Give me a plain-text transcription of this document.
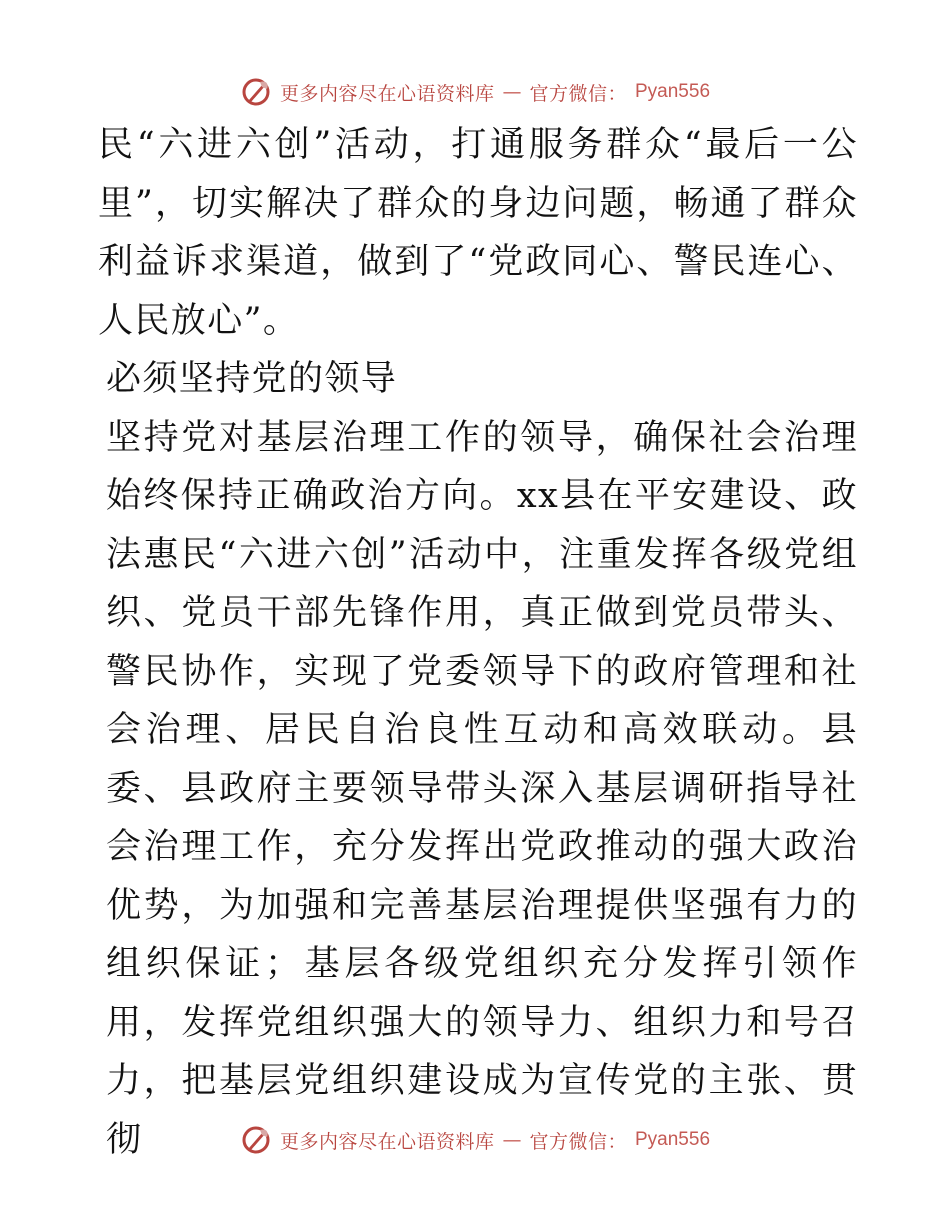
更多内容尽在心语资料库 — 官方微信： Pyan556

民“六进六创”活动，打通服务群众“最后一公里”，切实解决了群众的身边问题，畅通了群众利益诉求渠道，做到了“党政同心、警民连心、人民放心”。

必须坚持党的领导

坚持党对基层治理工作的领导，确保社会治理始终保持正确政治方向。xx县在平安建设、政法惠民“六进六创”活动中，注重发挥各级党组织、党员干部先锋作用，真正做到党员带头、警民协作，实现了党委领导下的政府管理和社会治理、居民自治良性互动和高效联动。县委、县政府主要领导带头深入基层调研指导社会治理工作，充分发挥出党政推动的强大政治优势，为加强和完善基层治理提供坚强有力的组织保证；基层各级党组织充分发挥引领作用，发挥党组织强大的领导力、组织力和号召力，把基层党组织建设成为宣传党的主张、贯彻	更多内容尽在心语资料库 — 官方微信： Pyan556
